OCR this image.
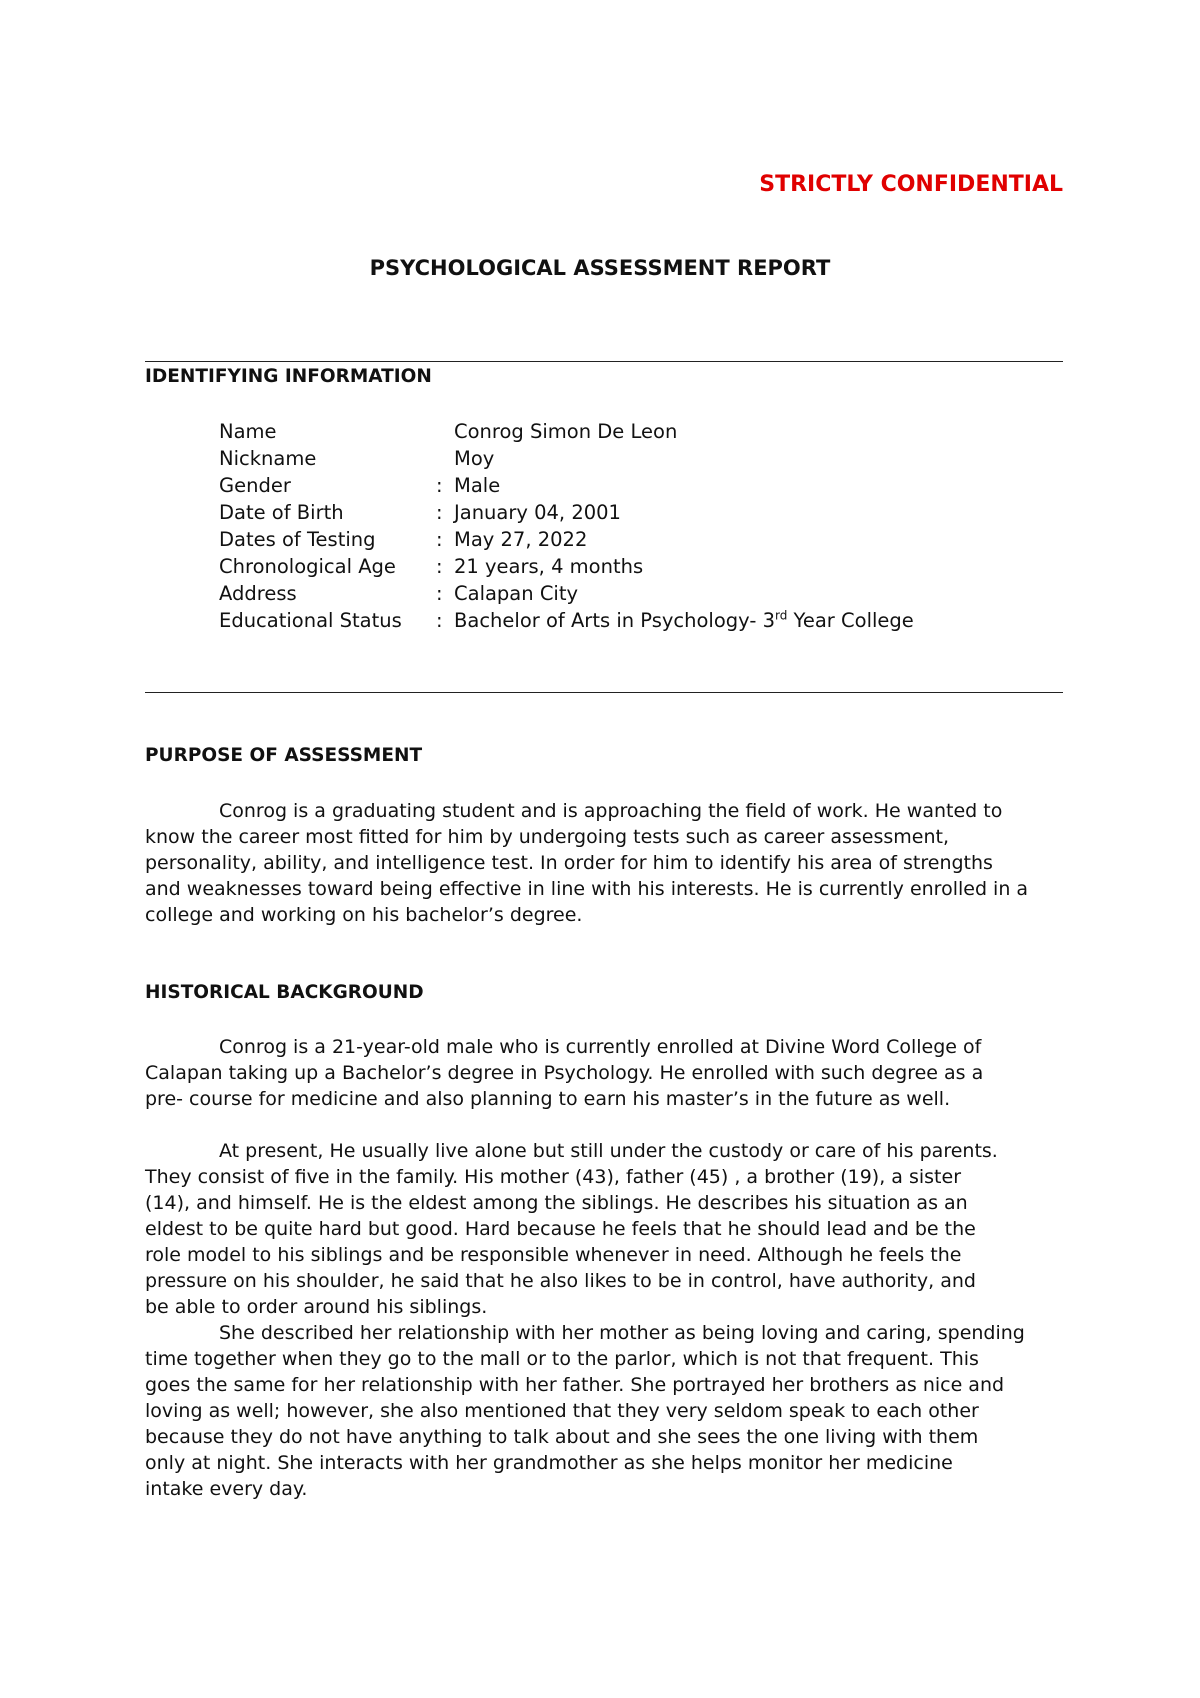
STRICTLY CONFIDENTIAL

PSYCHOLOGICAL ASSESSMENT REPORT

IDENTIFYING INFORMATION

Name	Conrog Simon De Leon
Nickname	Moy
Gender	: Male
Date of Birth	: January 04, 2001
Dates of Testing	: May 27, 2022
Chronological Age : 21 years, 4 months
Address	: Calapan City
Educational Status : Bachelor of Arts in Psychology- 3rd Year College

PURPOSE OF ASSESSMENT

Conrog is a graduating student and is approaching the field of work. He wanted to
know the career most fitted for him by undergoing tests such as career assessment,
personality, ability, and intelligence test. In order for him to identify his area of strengths
and weaknesses toward being effective in line with his interests. He is currently enrolled in a
college and working on his bachelor’s degree.

HISTORICAL BACKGROUND

Conrog is a 21-year-old male who is currently enrolled at Divine Word College of
Calapan taking up a Bachelor’s degree in Psychology. He enrolled with such degree as a
pre- course for medicine and also planning to earn his master’s in the future as well.
At present, He usually live alone but still under the custody or care of his parents.
They consist of five in the family. His mother (43), father (45) , a brother (19), a sister
(14), and himself. He is the eldest among the siblings. He describes his situation as an
eldest to be quite hard but good. Hard because he feels that he should lead and be the
role model to his siblings and be responsible whenever in need. Although he feels the
pressure on his shoulder, he said that he also likes to be in control, have authority, and
be able to order around his siblings.
She described her relationship with her mother as being loving and caring, spending
time together when they go to the mall or to the parlor, which is not that frequent. This
goes the same for her relationship with her father. She portrayed her brothers as nice and
loving as well; however, she also mentioned that they very seldom speak to each other
because they do not have anything to talk about and she sees the one living with them
only at night. She interacts with her grandmother as she helps monitor her medicine
intake every day.
